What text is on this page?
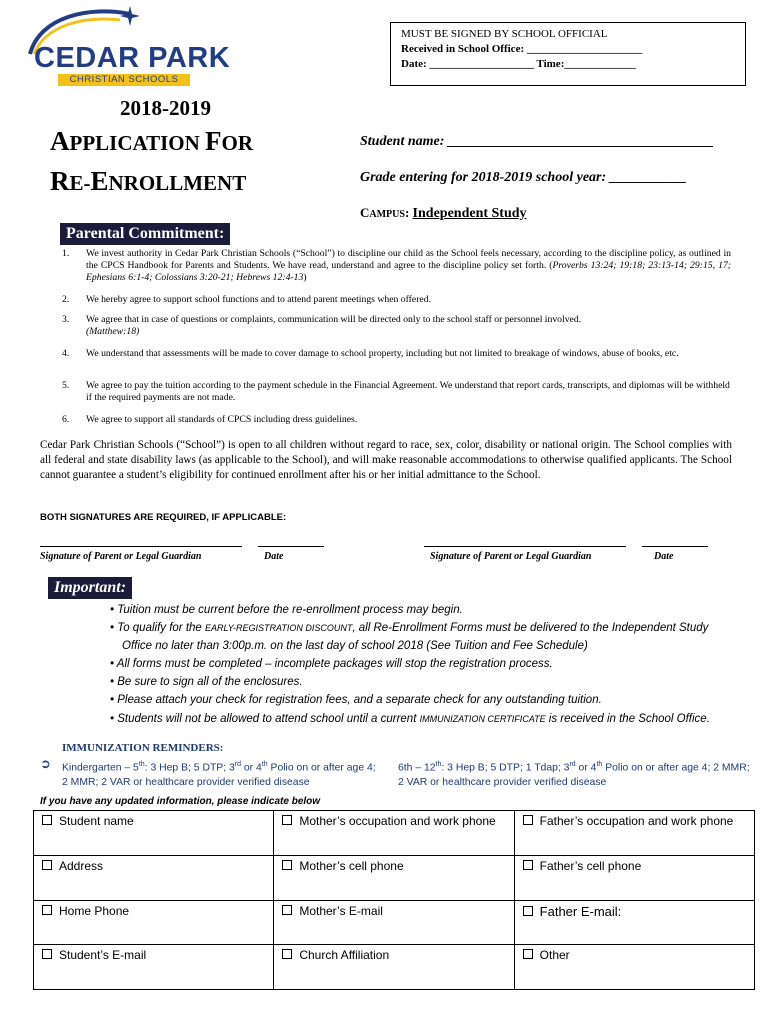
CEDAR PARK
CHRISTIAN SCHOOLS
MUST BE SIGNED BY SCHOOL OFFICIAL
Received in School Office: _____________________
Date: ___________________ Time:_____________
2018-2019
APPLICATION FOR
RE-ENROLLMENT
Student name: ______________________________________
Grade entering for 2018-2019 school year: ___________
CAMPUS: Independent Study
Parental Commitment:
1. We invest authority in Cedar Park Christian Schools (“School”) to discipline our child as the School feels necessary, according to the discipline policy, as outlined in the CPCS Handbook for Parents and Students. We have read, understand and agree to the discipline policy set forth. (Proverbs 13:24; 19:18; 23:13-14; 29:15, 17; Ephesians 6:1-4; Colossians 3:20-21; Hebrews 12:4-13)
2. We hereby agree to support school functions and to attend parent meetings when offered.
3. We agree that in case of questions or complaints, communication will be directed only to the school staff or personnel involved.
(Matthew:18)
4. We understand that assessments will be made to cover damage to school property, including but not limited to breakage of windows, abuse of books, etc.
5. We agree to pay the tuition according to the payment schedule in the Financial Agreement. We understand that report cards, transcripts, and diplomas will be withheld if the required payments are not made.
6. We agree to support all standards of CPCS including dress guidelines.
Cedar Park Christian Schools (“School”) is open to all children without regard to race, sex, color, disability or national origin. The School complies with all federal and state disability laws (as applicable to the School), and will make reasonable accommodations to otherwise qualified applicants. The School cannot guarantee a student’s eligibility for continued enrollment after his or her initial admittance to the School.
BOTH SIGNATURES ARE REQUIRED, IF APPLICABLE:
Signature of Parent or Legal Guardian	Date	Signature of Parent or Legal Guardian	Date
Important:
• Tuition must be current before the re-enrollment process may begin.
• To qualify for the EARLY-REGISTRATION DISCOUNT, all Re-Enrollment Forms must be delivered to the Independent Study
Office no later than 3:00p.m. on the last day of school 2018 (See Tuition and Fee Schedule)
• All forms must be completed – incomplete packages will stop the registration process.
• Be sure to sign all of the enclosures.
• Please attach your check for registration fees, and a separate check for any outstanding tuition.
• Students will not be allowed to attend school until a current IMMUNIZATION CERTIFICATE is received in the School Office.
IMMUNIZATION REMINDERS:
➲ Kindergarten – 5th: 3 Hep B; 5 DTP; 3rd or 4th Polio on or after age 4;
2 MMR; 2 VAR or healthcare provider verified disease
6th – 12th: 3 Hep B; 5 DTP; 1 Tdap; 3rd or 4th Polio on or after age 4; 2 MMR;
2 VAR or healthcare provider verified disease
If you have any updated information, please indicate below
Student name	Mother’s occupation and work phone	Father’s occupation and work phone
Address	Mother’s cell phone	Father’s cell phone
Home Phone	Mother’s E-mail	Father E-mail:
Student’s E-mail	Church Affiliation	Other
